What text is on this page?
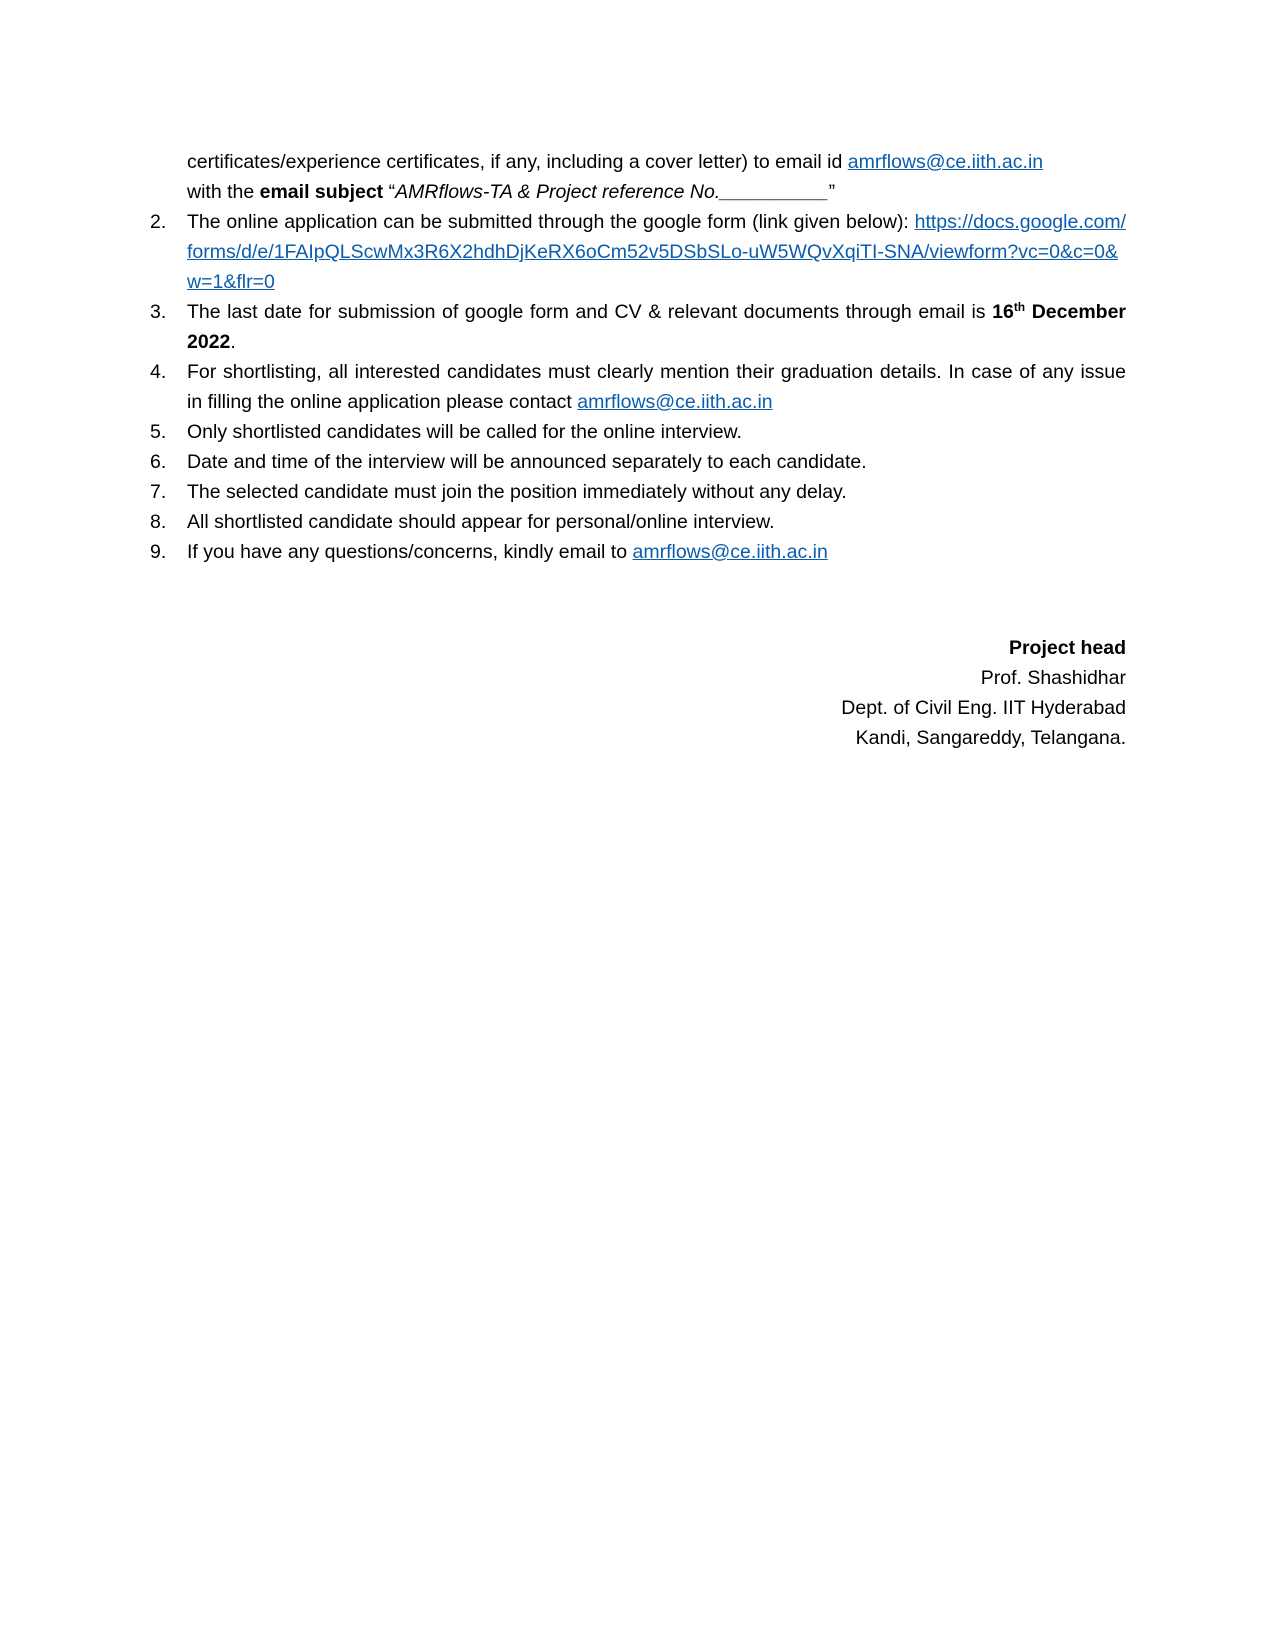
certificates/experience certificates, if any, including a cover letter) to email id amrflows@ce.iith.ac.in
with the email subject “AMRflows-TA & Project reference No.__________”
2. The online application can be submitted through the google form (link given below): https://docs.google.com/forms/d/e/1FAIpQLScwMx3R6X2hdhDjKeRX6oCm52v5DSbSLo-uW5WQvXqiTI-SNA/viewform?vc=0&c=0&w=1&flr=0
3. The last date for submission of google form and CV & relevant documents through email is 16th December 2022.
4. For shortlisting, all interested candidates must clearly mention their graduation details. In case of any issue in filling the online application please contact amrflows@ce.iith.ac.in
5. Only shortlisted candidates will be called for the online interview.
6. Date and time of the interview will be announced separately to each candidate.
7. The selected candidate must join the position immediately without any delay.
8. All shortlisted candidate should appear for personal/online interview.
9. If you have any questions/concerns, kindly email to amrflows@ce.iith.ac.in
Project head
Prof. Shashidhar
Dept. of Civil Eng. IIT Hyderabad
Kandi, Sangareddy, Telangana.
